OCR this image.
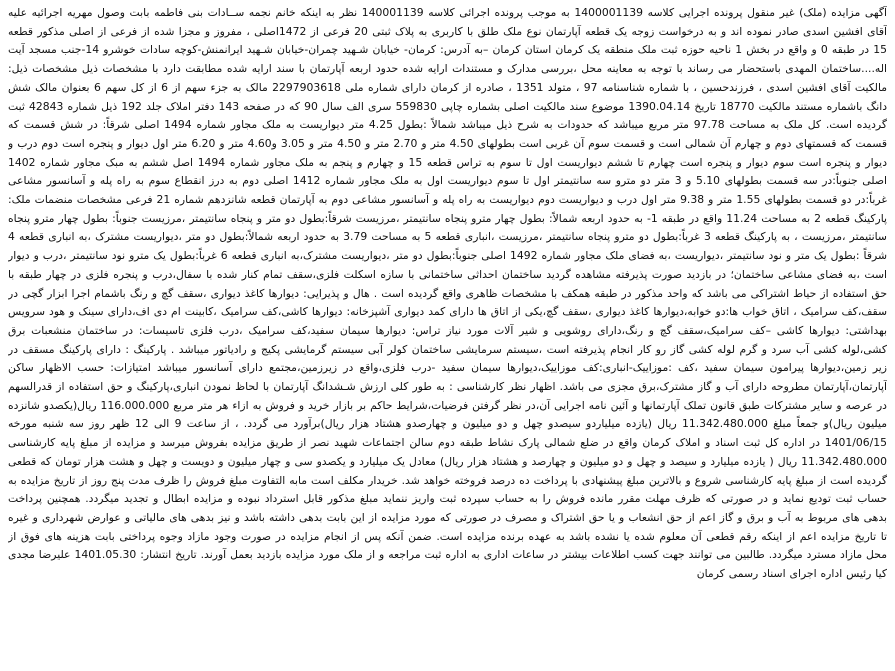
آگهی مزایده (ملک) غیر منقول پرونده اجرایی کلاسه 1400001139 به موجب پرونده اجرائی کلاسه 140001139 نظر به اینکه خانم نجمه ســادات بنی فاطمه بابت وصول مهریه اجرائیه علیه آقای افشین اسدی صادر نموده اند و به درخواست زوجه یک قطعه آپارتمان نوع ملک طلق با کاربری به پلاک ثبتی 20 فرعی از 1472اصلی ، مفروز و مجزا شده از فرعی از اصلی مذکور قطعه 15 در طبقه 0 و واقع در بخش 1 ناحیه حوزه ثبت ملک منطقه یک کرمان استان کرمان –به آدرس: کرمان- خیابان شـهید چمران-خیابان شـهید ایرانمنش-کوچه سادات خوشرو 14-جنب مسجد آیت اله....ساختمان المهدی باستحضار می رساند با توجه به معاینه محل ،بررسی مدارک و مستندات ارایه شده حدود اربعه آپارتمان با سند ارایه شده مطابقت دارد با مشخصات ذیل مشخصات ذیل: مالکیت آقای افشین اسدی ، فرزندحسین ، با شماره شناسنامه 97 ، متولد 1351 ، صادره از کرمان دارای شماره ملی 2297903618 مالک به جزء سهم از 6 از کل سهم 6 بعنوان مالک شش دانگ باشماره مستند مالکیت 18770 تاریخ 1390.04.14 موضوع سند مالکیت اصلی بشماره چاپی 559830 سری الف سال 90 که در صفحه 143 دفتر املاک جلد 192 ذیل شماره 42843 ثبت گردیده است. کل ملک به مساحت 97.78 متر مربع میباشد که حدودات به شرح ذیل میباشد شمالاً :بطول 4.25 متر دیواریست به ملک مجاور شماره 1494 اصلی شرقاً: در شش قسمت که قسمت که قسمتهای دوم و چهارم آن شمالی است و قسمت سوم آن غربی است بطولهای 4.50 متر و 2.70 متر و 4.50 متر و 3.05 و4.60 متر و 6.20 متر اول دیوار و پنجره است دوم درب و دیوار و پنجره است سوم دیوار و پنجره است چهارم تا ششم دیواریست اول تا سوم به تراس قطعه 15 و چهارم و پنجم به ملک مجاور شماره 1494 اصل ششم به مبک مجاور شماره 1402 اصلی جنوباً:در سه قسمت بطولهای 5.10 و 3 متر دو مترو سه سانتیمتر اول تا سوم دیواریست اول به ملک مجاور شماره 1412 اصلی دوم به درز انقطاع سوم به راه پله و آسانسور مشاعی غرباً:در دو قسمت بطولهای 1.55 متر و 9.38 متر اول درب و دیواریست دوم دیواریست به راه پله و آسانسور مشاعی دوم به آپارتمان قطعه شانزدهم شماره 21 فرعی مشخصات منضمات ملک: پارکینگ قطعه 2 به مساحت 11.24 واقع در طبقه 1- به حدود اربعه شمالاً: بطول چهار مترو پنجاه سانتیمتر ،مرزیست شرقاً:بطول دو متر و پنجاه سانتیمتر ،مرزیست جنوباً: بطول چهار مترو پنجاه سانتیمتر ،مرزیست ، به پارکینگ قطعه 3 غرباً:بطول دو مترو پنجاه سانتیمتر ،مرزیست ،انباری قطعه 5 به مساحت 3.79 به حدود اربعه شمالاً:بطول دو متر ،دیواریست مشترک ،به انباری قطعه 4 شرقاً :بطول یک متر و نود سانتیمتر ،دیواریست ،به فضای ملک مجاور شماره 1492 اصلی جنوباً:بطول دو متر ،دیواریست مشترک،به انباری قطعه 6 غرباً:بطول یک مترو نود سانتیمتر ،درب و دیوار است ،به فضای مشاعی ساختمان؛ در بازدید صورت پذیرفته مشاهده گردید ساختمان احداثی ساختمانی با سازه اسکلت فلزی،سقف تمام کنار شده با سفال،درب و پنجره فلزی در چهار طبقه با حق استفاده از حیاط اشتراکی می باشد که واحد مذکور در طبقه همکف با مشخصات ظاهری واقع گردیده است . هال و پذیرایی: دیوارها کاغذ دیواری ،سقف گچ و رنگ باشمام اجرا ابزار گچی در سقف،کف سرامیک ، اتاق خواب ها:دو خوابه،دیوارها کاغذ دیواری ،سقف گچ،یکی از اتاق ها دارای کمد دیواری آشپزخانه: دیوارها کاشی،کف سرامیک ،کابینت ام دی اف،دارای سینک و هود سرویس بهداشتی: دیوارها کاشی –کف سرامیک،سقف گچ و رنگ،دارای روشویی و شیر آلات مورد نیاز تراس: دیوارها سیمان سفید،کف سرامیک ،درب فلزی تاسیسات: در ساختمان منشعبات برق کشی،لوله کشی آب سرد و گرم لوله کشی گاز رو کار انجام پذیرفته است ،سیستم سرمایشی ساختمان کولر آبی سیستم گرمایشی پکیج و رادیاتور میباشد . پارکینگ : دارای پارکینگ مسقف در زیر زمین،دیوارها پیرامون سیمان سفید ،کف :موزاییک-انباری:کف موزاییک،دیوارها سیمان سفید -درب فلزی،واقع در زیرزمین،مجتمع دارای آسانسور میباشد امتیازات: حسب الاظهار ساکن آپارتمان،آپارتمان مطروحه دارای آب و گاز مشترک،برق مجزی می باشد. اظهار نظر کارشناسی : به طور کلی ارزش شـشدانگ آپارتمان با لحاظ نمودن انباری،پارکینگ و حق استفاده از قدرالسهم در عرصه و سایر مشترکات طبق قانون تملک آپارتمانها و آئین نامه اجرایی آن،در نظر گرفتن فرضیات،شرایط حاکم بر بازار خرید و فروش به ازاء هر متر مربع 116.000.000 ریال(یکصدو شانزده میلیون ریال)و جمعاً مبلغ 11.342.480.000 ریال (یازده میلیاردو سیصدو چهل و دو میلیون و چهارصدو هشتاد هزار ریال)برآورد می گردد. ، از ساعت 9 الی 12 ظهر روز سه شنبه مورخه 1401/06/15 در اداره کل ثبت اسناد و املاک کرمان واقع در ضلع شمالی پارک نشاط طبقه دوم سالن اجتماعات شهید نصر از طریق مزایده بفروش میرسد و مزایده از مبلغ پایه کارشناسی 11.342.480.000 ریال ( یازده میلیارد و سیصد و چهل و دو میلیون و چهارصد و هشتاد هزار ریال) معادل یک میلیارد و یکصدو سی و چهار میلیون و دویست و چهل و هشت هزار تومان که قطعی گردیده است از مبلغ پایه کارشناسی شروع و بالاترین مبلغ پیشنهادی با پرداخت ده درصد فروخته خواهد شد. خریدار مکلف است مابه التفاوت مبلغ فروش را ظرف مدت پنج روز از تاریخ مزایده به حساب ثبت تودیع نماید و در صورتی که ظرف مهلت مقرر مانده فروش را به حساب سپرده ثبت واریز ننماید مبلغ مذکور قابل استرداد نبوده و مزایده ابطال و تجدید میگردد. همچنین پرداخت بدهی های مربوط به آب و برق و گاز اعم از حق انشعاب و یا حق اشتراک و مصرف در صورتی که مورد مزایده از این بابت بدهی داشته باشد و نیز بدهی های مالیاتی و عوارض شهرداری و غیره تا تاریخ مزایده اعم از اینکه رقم قطعی آن معلوم شده یا نشده باشد به عهده برنده مزایده است. ضمن آنکه پس از انجام مزایده در صورت وجود مازاد وجوه پرداختی بابت هزینه های فوق از محل مازاد مسترد میگردد. طالبین می توانند جهت کسب اطلاعات بیشتر در ساعات اداری به اداره ثبت مراجعه و از ملک مورد مزایده بازدید بعمل آورند. تاریخ انتشار: 1401.05.30 علیرضا مجدی کیا رئیس اداره اجرای اسناد رسمی کرمان
